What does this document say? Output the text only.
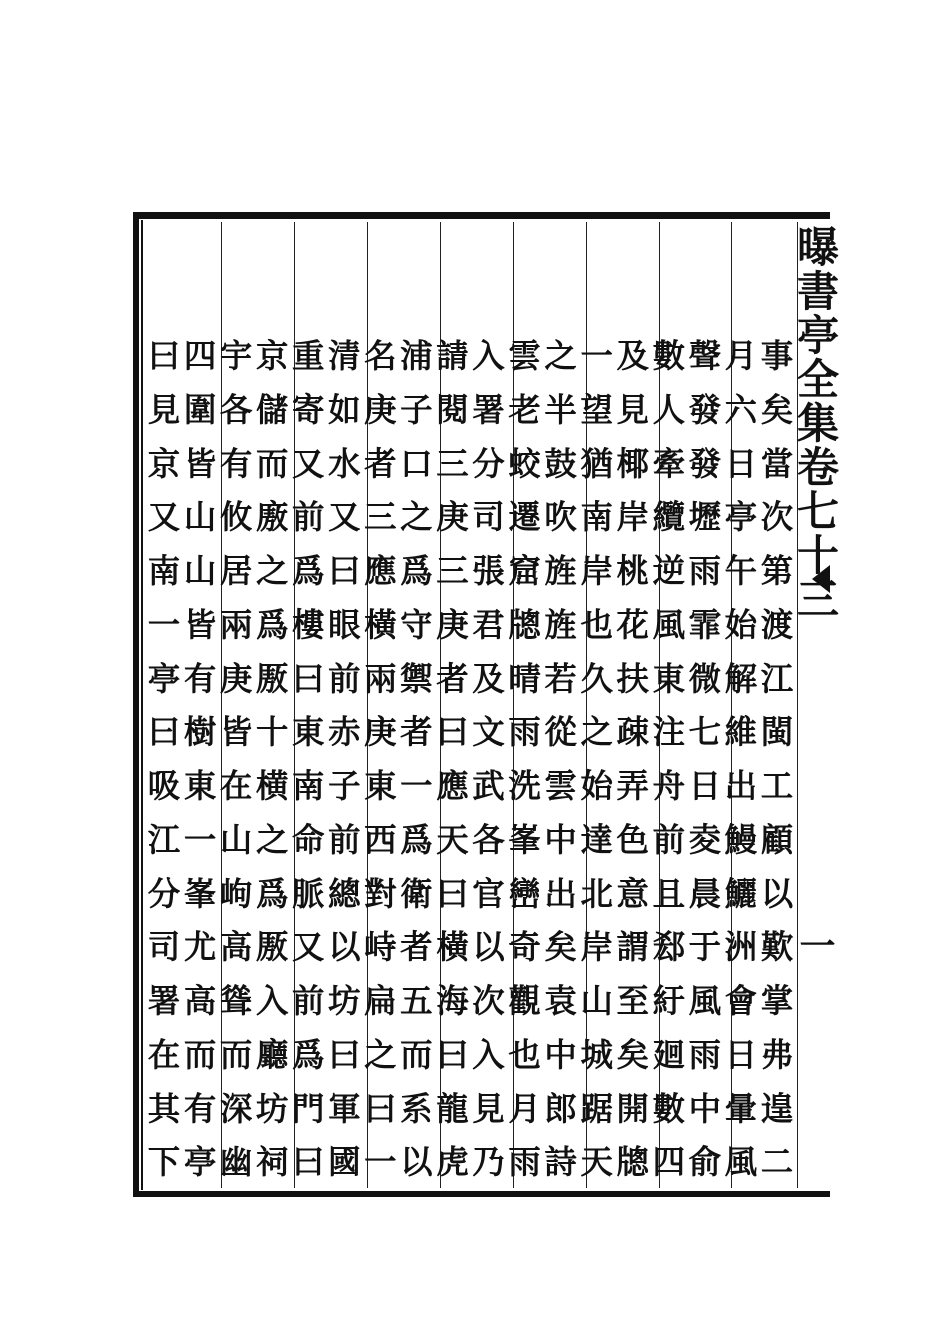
曝書亭全集卷七十三
一
事
矣
當
次
第
渡
江
閩
工
顧
以
歎
掌
弗
遑
二
月
六
日
亭
午
始
解
維
出
鰻
鱺
洲
會
日
暈
風
聲
發
發
壢
雨
霏
微
七
日
夌
晨
于
風
雨
中
俞
數
人
牽
纜
逆
風
東
注
舟
前
且
郄
紆
廻
數
四
及
見
椰
岸
桃
花
扶
疎
弄
色
意
謂
至
矣
開
牕
一
望
猶
南
岸
也
久
之
始
達
北
岸
山
城
踞
天
之
半
鼓
吹
旌
旌
若
從
雲
中
出
矣
袁
中
郎
詩
雲
老
蛟
遷
窟
牕
晴
雨
洗
峯
巒
奇
觀
也
月
雨
入
署
分
司
張
君
及
文
武
各
官
以
次
入
見
乃
請
閱
三
庚
三
庚
者
曰
應
天
曰
橫
海
曰
龍
虎
浦
子
口
之
爲
守
禦
者
一
爲
衛
者
五
而
系
以
名
庚
者
三
應
橫
兩
庚
東
西
對
峙
扁
之
曰
一
清
如
水
又
曰
眼
前
赤
子
前
總
以
坊
曰
軍
國
重
寄
又
前
爲
樓
曰
東
南
命
脈
又
前
爲
門
曰
京
儲
而
廒
之
爲
厫
十
横
之
爲
厫
入
廳
坊
祠
宇
各
有
攸
居
兩
庚
皆
在
山
岣
高
聳
而
深
幽
四
圍
皆
山
山
皆
有
樹
東
一
峯
尤
高
而
有
亭
曰
見
京
又
南
一
亭
曰
吸
江
分
司
署
在
其
下
